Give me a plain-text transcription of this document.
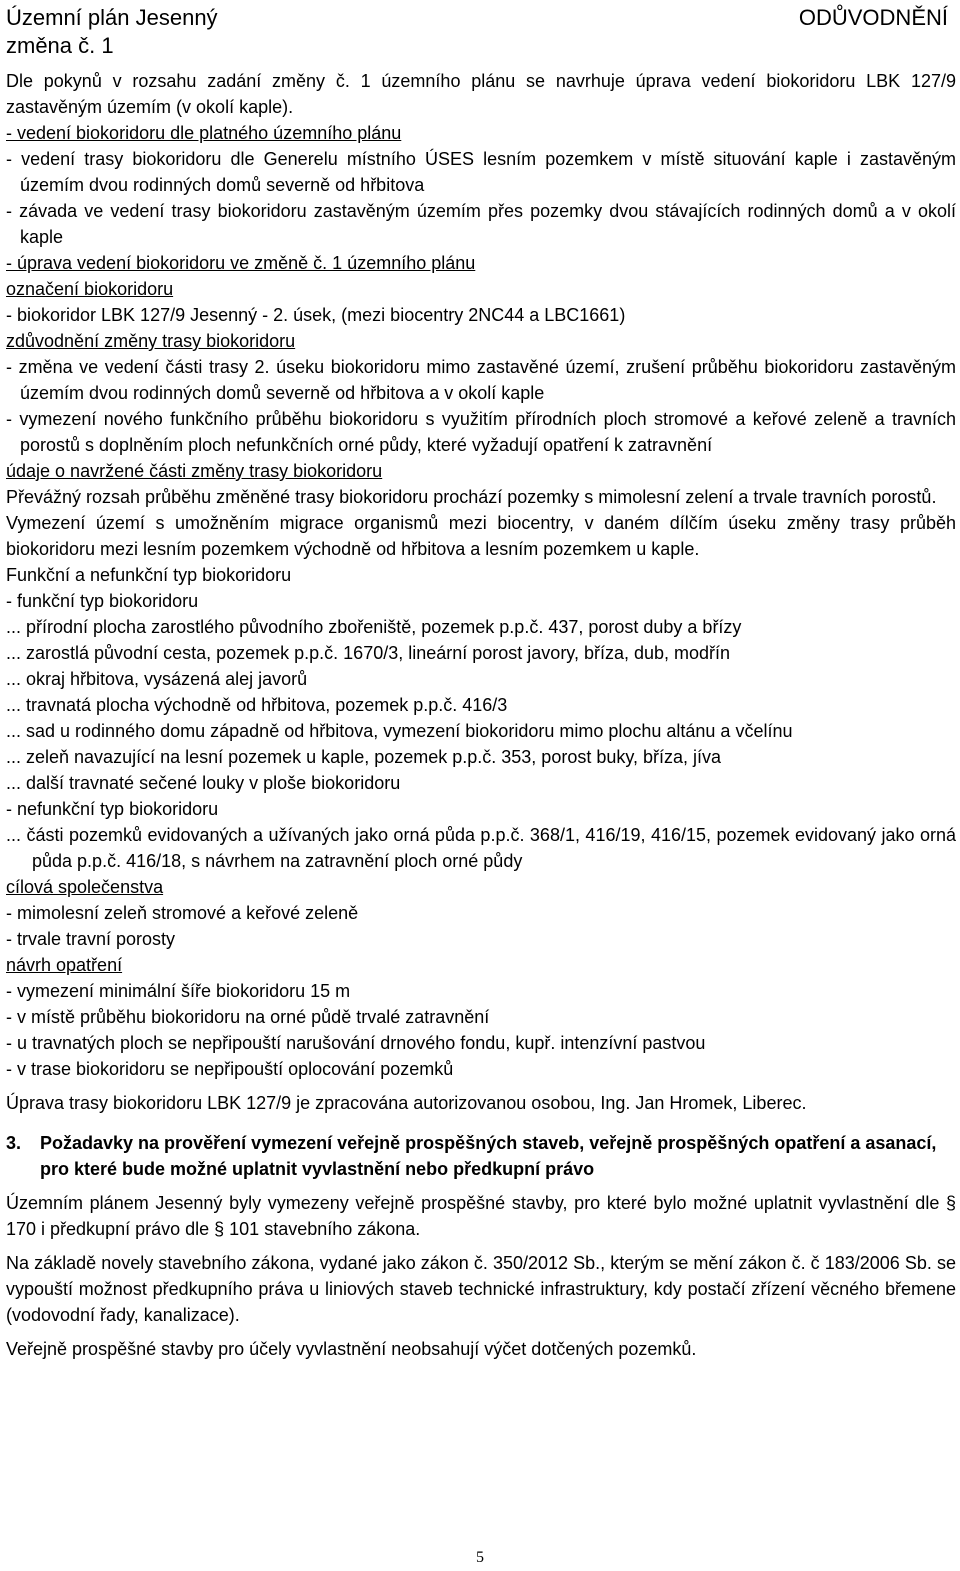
Územní plán Jesenný
změna č. 1
ODŮVODNĚNÍ

Dle pokynů v rozsahu zadání změny č. 1 územního plánu se navrhuje úprava vedení biokoridoru LBK 127/9 zastavěným územím (v okolí kaple).

- vedení biokoridoru dle platného územního plánu

- vedení trasy biokoridoru dle Generelu místního ÚSES lesním pozemkem v místě situování kaple i zastavěným územím dvou rodinných domů severně od hřbitova

- závada ve vedení trasy biokoridoru zastavěným územím přes pozemky dvou stávajících rodinných domů a v okolí kaple

- úprava vedení biokoridoru ve změně č. 1 územního plánu

označení biokoridoru

- biokoridor LBK 127/9 Jesenný - 2. úsek, (mezi biocentry 2NC44 a LBC1661)

zdůvodnění změny trasy biokoridoru

- změna ve vedení části trasy 2. úseku biokoridoru mimo zastavěné území, zrušení průběhu biokoridoru zastavěným územím dvou rodinných domů severně od hřbitova a v okolí kaple

- vymezení nového funkčního průběhu biokoridoru s využitím přírodních ploch stromové a keřové zeleně a travních porostů s doplněním ploch nefunkčních orné půdy, které vyžadují opatření k zatravnění

údaje o navržené části změny trasy biokoridoru

Převážný rozsah průběhu změněné trasy biokoridoru prochází pozemky s mimolesní zelení a trvale travních porostů.

Vymezení území s umožněním migrace organismů mezi biocentry, v daném dílčím úseku změny trasy průběh biokoridoru mezi lesním pozemkem východně od hřbitova a lesním pozemkem u kaple.

Funkční a nefunkční typ biokoridoru

- funkční typ biokoridoru

... přírodní plocha zarostlého původního zbořeniště, pozemek p.p.č. 437, porost duby a břízy

... zarostlá původní cesta, pozemek p.p.č. 1670/3, lineární porost javory, bříza, dub, modřín

... okraj hřbitova, vysázená alej javorů

... travnatá plocha východně od hřbitova, pozemek p.p.č. 416/3

... sad u rodinného domu západně od hřbitova, vymezení biokoridoru mimo plochu altánu a včelínu

... zeleň navazující na lesní pozemek u kaple, pozemek p.p.č. 353, porost buky, bříza, jíva

... další travnaté sečené louky v ploše biokoridoru

- nefunkční typ biokoridoru

... části pozemků evidovaných a užívaných jako orná půda p.p.č. 368/1, 416/19, 416/15, pozemek evidovaný jako orná půda p.p.č. 416/18, s návrhem na zatravnění ploch orné půdy

cílová společenstva

- mimolesní zeleň stromové a keřové zeleně

- trvale travní porosty

návrh opatření

- vymezení minimální šíře biokoridoru 15 m

- v místě průběhu biokoridoru na orné půdě trvalé zatravnění

- u travnatých ploch se nepřipouští narušování drnového fondu, kupř. intenzívní pastvou

- v trase biokoridoru se nepřipouští oplocování pozemků

Úprava trasy biokoridoru LBK 127/9 je zpracována autorizovanou osobou, Ing. Jan Hromek, Liberec.

3.	Požadavky na prověření vymezení veřejně prospěšných staveb, veřejně prospěšných opatření a asanací, pro které bude možné uplatnit vyvlastnění nebo předkupní právo

Územním plánem Jesenný byly vymezeny veřejně prospěšné stavby, pro které bylo možné uplatnit vyvlastnění dle § 170 i předkupní právo dle § 101 stavebního zákona.

Na základě novely stavebního zákona, vydané jako zákon č. 350/2012 Sb., kterým se mění zákon č. č 183/2006 Sb. se vypouští možnost předkupního práva u liniových staveb technické infrastruktury, kdy postačí zřízení věcného břemene (vodovodní řady, kanalizace).

Veřejně prospěšné stavby pro účely vyvlastnění neobsahují výčet dotčených pozemků.

5
